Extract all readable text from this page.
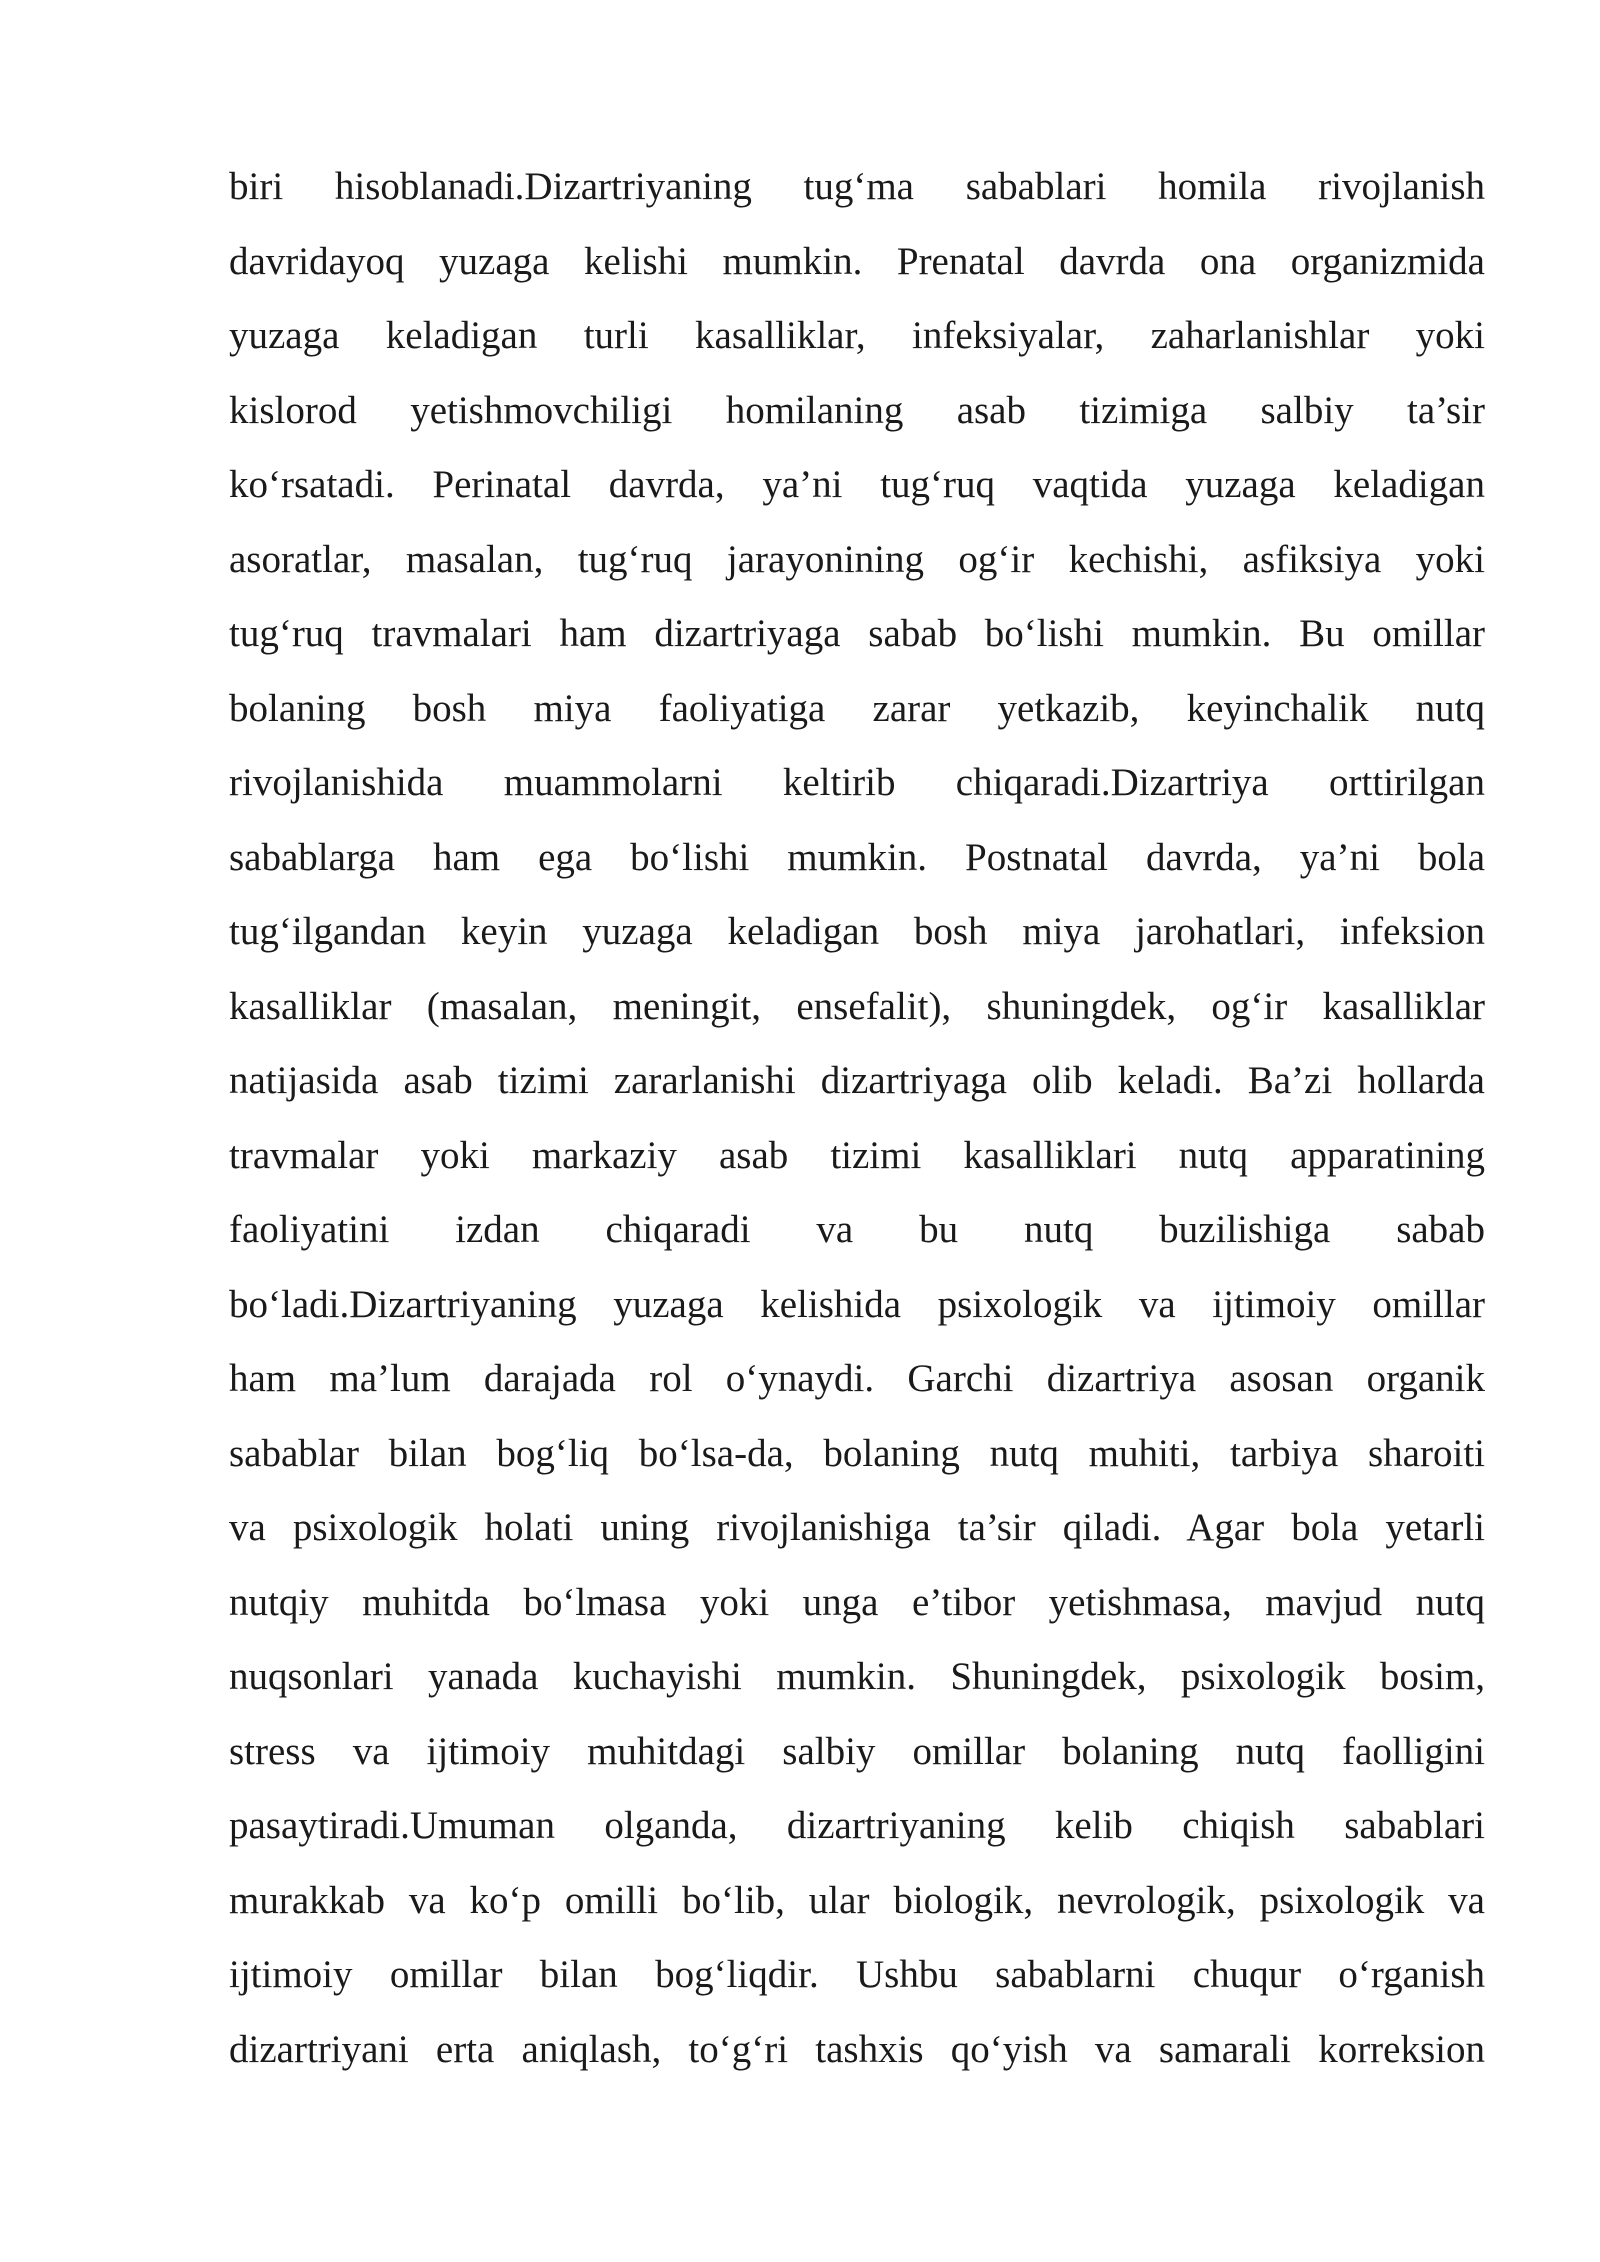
biri hisoblanadi.Dizartriyaning tug‘ma sabablari homila rivojlanish
davridayoq yuzaga kelishi mumkin. Prenatal davrda ona organizmida
yuzaga keladigan turli kasalliklar, infeksiyalar, zaharlanishlar yoki
kislorod yetishmovchiligi homilaning asab tizimiga salbiy ta’sir
ko‘rsatadi. Perinatal davrda, ya’ni tug‘ruq vaqtida yuzaga keladigan
asoratlar, masalan, tug‘ruq jarayonining og‘ir kechishi, asfiksiya yoki
tug‘ruq travmalari ham dizartriyaga sabab bo‘lishi mumkin. Bu omillar
bolaning bosh miya faoliyatiga zarar yetkazib, keyinchalik nutq
rivojlanishida muammolarni keltirib chiqaradi.Dizartriya orttirilgan
sabablarga ham ega bo‘lishi mumkin. Postnatal davrda, ya’ni bola
tug‘ilgandan keyin yuzaga keladigan bosh miya jarohatlari, infeksion
kasalliklar (masalan, meningit, ensefalit), shuningdek, og‘ir kasalliklar
natijasida asab tizimi zararlanishi dizartriyaga olib keladi. Ba’zi hollarda
travmalar yoki markaziy asab tizimi kasalliklari nutq apparatining
faoliyatini izdan chiqaradi va bu nutq buzilishiga sabab
bo‘ladi.Dizartriyaning yuzaga kelishida psixologik va ijtimoiy omillar
ham ma’lum darajada rol o‘ynaydi. Garchi dizartriya asosan organik
sabablar bilan bog‘liq bo‘lsa-da, bolaning nutq muhiti, tarbiya sharoiti
va psixologik holati uning rivojlanishiga ta’sir qiladi. Agar bola yetarli
nutqiy muhitda bo‘lmasa yoki unga e’tibor yetishmasa, mavjud nutq
nuqsonlari yanada kuchayishi mumkin. Shuningdek, psixologik bosim,
stress va ijtimoiy muhitdagi salbiy omillar bolaning nutq faolligini
pasaytiradi.Umuman olganda, dizartriyaning kelib chiqish sabablari
murakkab va ko‘p omilli bo‘lib, ular biologik, nevrologik, psixologik va
ijtimoiy omillar bilan bog‘liqdir. Ushbu sabablarni chuqur o‘rganish
dizartriyani erta aniqlash, to‘g‘ri tashxis qo‘yish va samarali korreksion
